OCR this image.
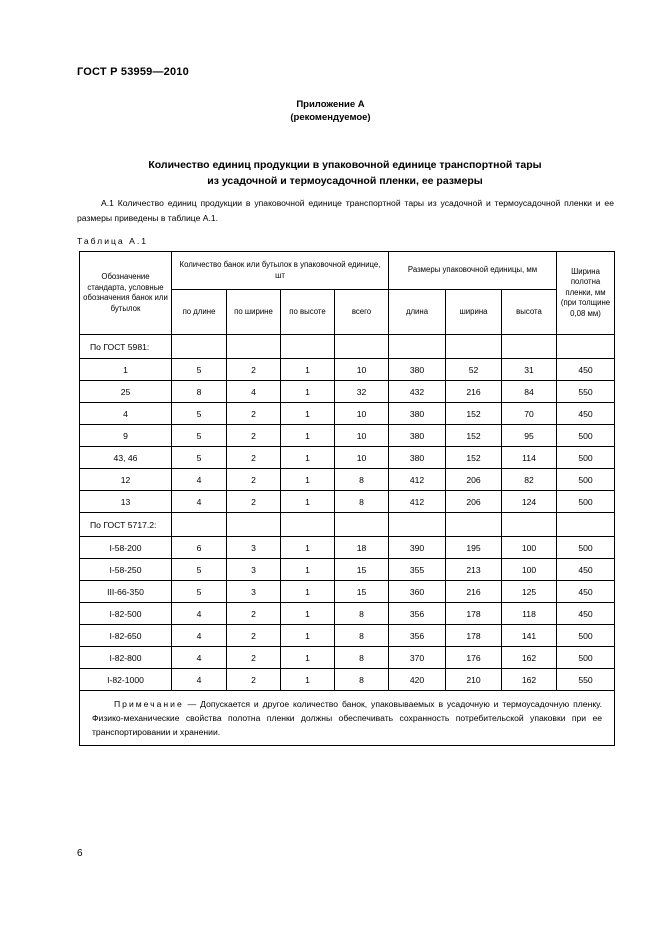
ГОСТ Р 53959—2010
Приложение А
(рекомендуемое)
Количество единиц продукции в упаковочной единице транспортной тары
из усадочной и термоусадочной пленки, ее размеры
А.1 Количество единиц продукции в упаковочной единице транспортной тары из усадочной и термоусадочной пленки и ее размеры приведены в таблице А.1.
Таблица А.1
Обозначение стандарта, условные обозначения банок или бутылок	Количество банок или бутылок в упаковочной единице, шт				Размеры упаковочной единицы, мм			Ширина полотна пленки, мм (при толщине 0,08 мм)
	по длине	по ширине	по высоте	всего	длина	ширина	высота	
По ГОСТ 5981:								
1	5	2	1	10	380	52	31	450
25	8	4	1	32	432	216	84	550
4	5	2	1	10	380	152	70	450
9	5	2	1	10	380	152	95	500
43, 46	5	2	1	10	380	152	114	500
12	4	2	1	8	412	206	82	500
13	4	2	1	8	412	206	124	500
По ГОСТ 5717.2:								
I-58-200	6	3	1	18	390	195	100	500
I-58-250	5	3	1	15	355	213	100	450
III-66-350	5	3	1	15	360	216	125	450
I-82-500	4	2	1	8	356	178	118	450
I-82-650	4	2	1	8	356	178	141	500
I-82-800	4	2	1	8	370	176	162	500
I-82-1000	4	2	1	8	420	210	162	550

Примечание — Допускается и другое количество банок, упаковываемых в усадочную и термоусадочную пленку. Физико-механические свойства полотна пленки должны обеспечивать сохранность потребительской упаковки при ее транспортировании и хранении.								
6
